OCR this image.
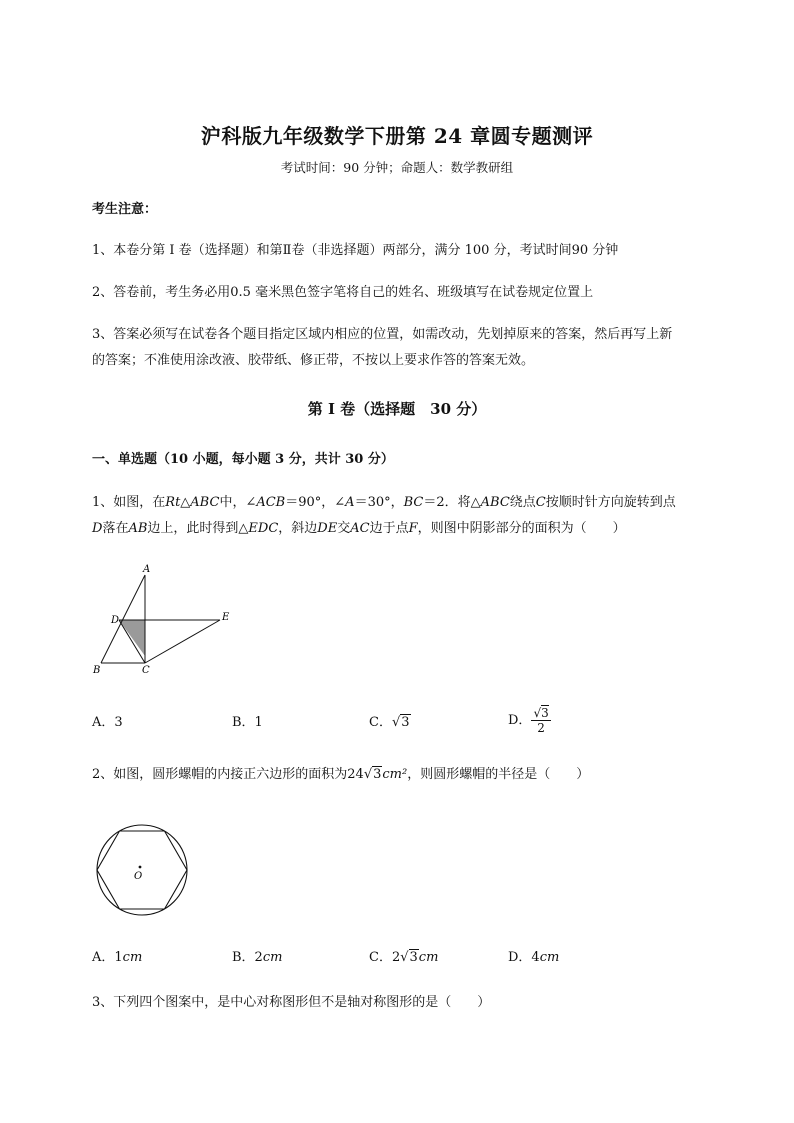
沪科版九年级数学下册第 24 章圆专题测评
考试时间：90 分钟；命题人：数学教研组
考生注意：
1、本卷分第 I 卷（选择题）和第Ⅱ卷（非选择题）两部分，满分 100 分，考试时间90 分钟
2、答卷前，考生务必用0.5 毫米黑色签字笔将自己的姓名、班级填写在试卷规定位置上
3、答案必须写在试卷各个题目指定区域内相应的位置，如需改动，先划掉原来的答案，然后再写上新
的答案；不准使用涂改液、胶带纸、修正带，不按以上要求作答的答案无效。
第 I 卷（选择题　30 分）
一、单选题（10 小题，每小题 3 分，共计 30 分）
1、如图，在Rt△ABC中，∠ACB＝90°，∠A＝30°，BC＝2．将△ABC绕点C按顺时针方向旋转到点
D落在AB边上，此时得到△EDC，斜边DE交AC边于点F，则图中阴影部分的面积为（　　）
A
B	C
D	E
A．3	B．1	C．√3	D． $\frac{√3}{2}$
2、如图，圆形螺帽的内接正六边形的面积为24√3cm²，则圆形螺帽的半径是（　　）
O
A．1cm	B．2cm	C．2√3cm	D．4cm
3、下列四个图案中，是中心对称图形但不是轴对称图形的是（　　）
